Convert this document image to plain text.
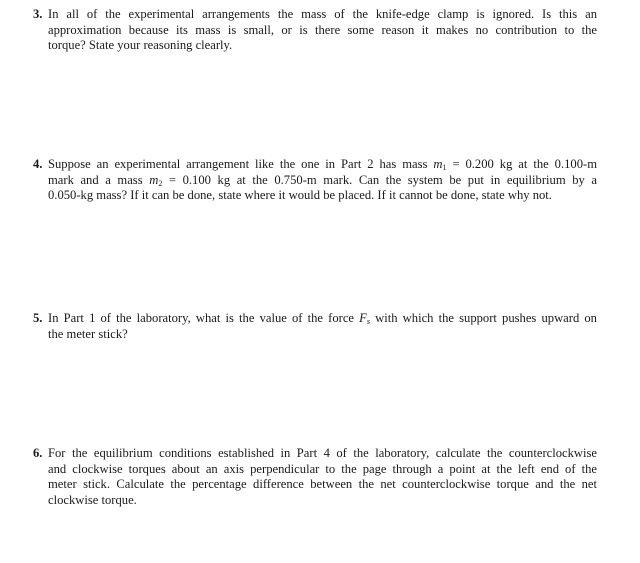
3. In all of the experimental arrangements the mass of the knife-edge clamp is ignored. Is this an
approximation because its mass is small, or is there some reason it makes no contribution to the
torque? State your reasoning clearly.
4. Suppose an experimental arrangement like the one in Part 2 has mass $m_1 = 0.200$ kg at the 0.100-m
mark and a mass $m_2 = 0.100$ kg at the 0.750-m mark. Can the system be put in equilibrium by a
0.050-kg mass? If it can be done, state where it would be placed. If it cannot be done, state why not.
5. In Part 1 of the laboratory, what is the value of the force $F_s$ with which the support pushes upward on
the meter stick?
6. For the equilibrium conditions established in Part 4 of the laboratory, calculate the counterclockwise
and clockwise torques about an axis perpendicular to the page through a point at the left end of the
meter stick. Calculate the percentage difference between the net counterclockwise torque and the net
clockwise torque.
